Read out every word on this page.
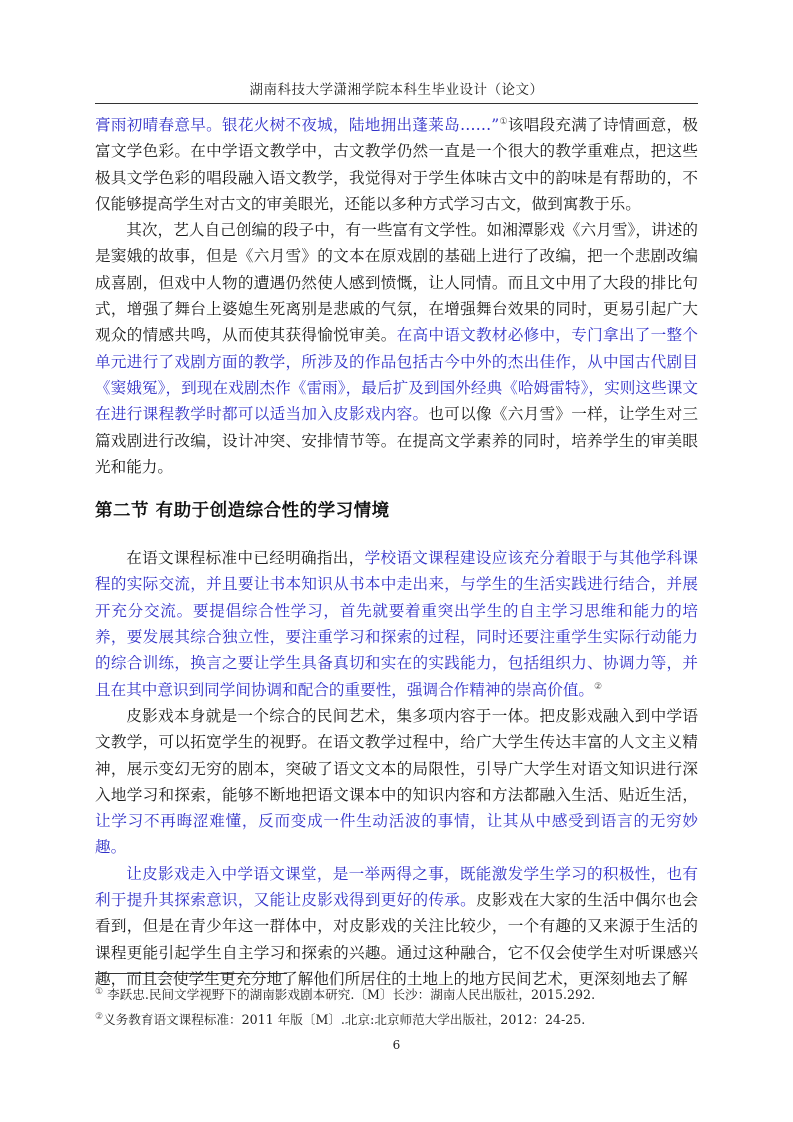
湖南科技大学潇湘学院本科生毕业设计（论文）

膏雨初晴春意早。银花火树不夜城，陆地拥出蓬莱岛……”①该唱段充满了诗情画意，极富文学色彩。在中学语文教学中，古文教学仍然一直是一个很大的教学重难点，把这些极具文学色彩的唱段融入语文教学，我觉得对于学生体味古文中的韵味是有帮助的，不仅能够提高学生对古文的审美眼光，还能以多种方式学习古文，做到寓教于乐。

其次，艺人自己创编的段子中，有一些富有文学性。如湘潭影戏《六月雪》，讲述的是窦娥的故事，但是《六月雪》的文本在原戏剧的基础上进行了改编，把一个悲剧改编成喜剧，但戏中人物的遭遇仍然使人感到愤慨，让人同情。而且文中用了大段的排比句式，增强了舞台上婆媳生死离别是悲戚的气氛，在增强舞台效果的同时，更易引起广大观众的情感共鸣，从而使其获得愉悦审美。在高中语文教材必修中，专门拿出了一整个单元进行了戏剧方面的教学，所涉及的作品包括古今中外的杰出佳作，从中国古代剧目《窦娥冤》，到现在戏剧杰作《雷雨》，最后扩及到国外经典《哈姆雷特》，实则这些课文在进行课程教学时都可以适当加入皮影戏内容。也可以像《六月雪》一样，让学生对三篇戏剧进行改编，设计冲突、安排情节等。在提高文学素养的同时，培养学生的审美眼光和能力。

第二节 有助于创造综合性的学习情境

在语文课程标准中已经明确指出，学校语文课程建设应该充分着眼于与其他学科课程的实际交流，并且要让书本知识从书本中走出来，与学生的生活实践进行结合，并展开充分交流。要提倡综合性学习，首先就要着重突出学生的自主学习思维和能力的培养，要发展其综合独立性，要注重学习和探索的过程，同时还要注重学生实际行动能力的综合训练，换言之要让学生具备真切和实在的实践能力，包括组织力、协调力等，并且在其中意识到同学间协调和配合的重要性，强调合作精神的崇高价值。②

皮影戏本身就是一个综合的民间艺术，集多项内容于一体。把皮影戏融入到中学语文教学，可以拓宽学生的视野。在语文教学过程中，给广大学生传达丰富的人文主义精神，展示变幻无穷的剧本，突破了语文文本的局限性，引导广大学生对语文知识进行深入地学习和探索，能够不断地把语文课本中的知识内容和方法都融入生活、贴近生活，让学习不再晦涩难懂，反而变成一件生动活波的事情，让其从中感受到语言的无穷妙趣。

让皮影戏走入中学语文课堂，是一举两得之事，既能激发学生学习的积极性，也有利于提升其探索意识，又能让皮影戏得到更好的传承。皮影戏在大家的生活中偶尔也会看到，但是在青少年这一群体中，对皮影戏的关注比较少，一个有趣的又来源于生活的课程更能引起学生自主学习和探索的兴趣。通过这种融合，它不仅会使学生对听课感兴趣，而且会使学生更充分地了解他们所居住的土地上的地方民间艺术，更深刻地去了解

① 李跃忠.民间文学视野下的湖南影戏剧本研究.〔M〕长沙：湖南人民出版社，2015.292.
②义务教育语文课程标准：2011 年版〔M〕.北京:北京师范大学出版社，2012：24-25.
6
